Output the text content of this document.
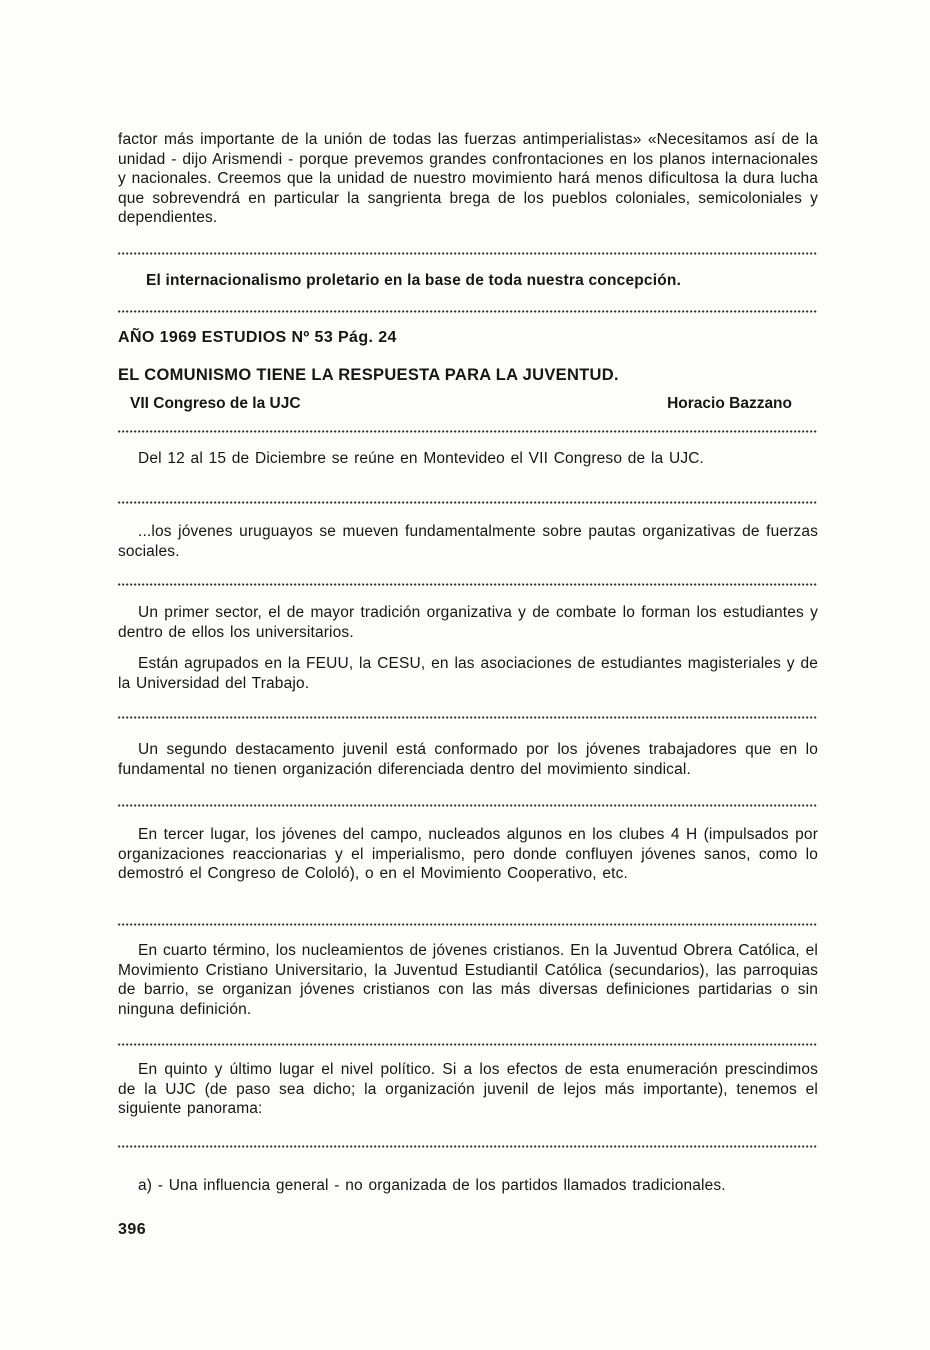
factor más importante de la unión de todas las fuerzas antimperialistas» «Necesitamos así de la unidad - dijo Arismendi - porque prevemos grandes confrontaciones en los planos internacionales y nacionales. Creemos que la unidad de nuestro movimiento hará menos dificultosa la dura lucha que sobrevendrá en particular la sangrienta brega de los pueblos coloniales, semicoloniales y dependientes.

El internacionalismo proletario en la base de toda nuestra concepción.

AÑO 1969 ESTUDIOS Nº 53 Pág. 24

EL COMUNISMO TIENE LA RESPUESTA PARA LA JUVENTUD.

VII Congreso de la UJC	Horacio Bazzano

Del 12 al 15 de Diciembre se reúne en Montevideo el VII Congreso de la UJC.

...los jóvenes uruguayos se mueven fundamentalmente sobre pautas organizativas de fuerzas sociales.

Un primer sector, el de mayor tradición organizativa y de combate lo forman los estudiantes y dentro de ellos los universitarios.

Están agrupados en la FEUU, la CESU, en las asociaciones de estudiantes magisteriales y de la Universidad del Trabajo.

Un segundo destacamento juvenil está conformado por los jóvenes trabajadores que en lo fundamental no tienen organización diferenciada dentro del movimiento sindical.

En tercer lugar, los jóvenes del campo, nucleados algunos en los clubes 4 H (impulsados por organizaciones reaccionarias y el imperialismo, pero donde confluyen jóvenes sanos, como lo demostró el Congreso de Cololó), o en el Movimiento Cooperativo, etc.

En cuarto término, los nucleamientos de jóvenes cristianos. En la Juventud Obrera Católica, el Movimiento Cristiano Universitario, la Juventud Estudiantil Católica (secundarios), las parroquias de barrio, se organizan jóvenes cristianos con las más diversas definiciones partidarias o sin ninguna definición.

En quinto y último lugar el nivel político. Si a los efectos de esta enumeración prescindimos de la UJC (de paso sea dicho; la organización juvenil de lejos más importante), tenemos el siguiente panorama:

a) - Una influencia general - no organizada de los partidos llamados tradicionales.

396
